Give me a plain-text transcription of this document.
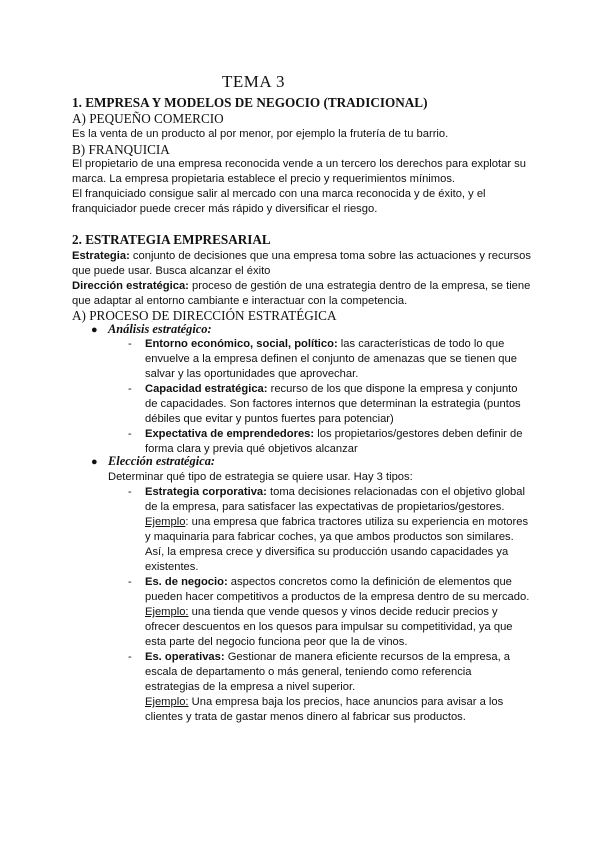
TEMA 3
1. EMPRESA Y MODELOS DE NEGOCIO (TRADICIONAL)
A) PEQUEÑO COMERCIO
Es la venta de un producto al por menor, por ejemplo la frutería de tu barrio.
B) FRANQUICIA
El propietario de una empresa reconocida vende a un tercero los derechos para explotar su
marca. La empresa propietaria establece el precio y requerimientos mínimos.
El franquiciado consigue salir al mercado con una marca reconocida y de éxito, y el
franquiciador puede crecer más rápido y diversificar el riesgo.
2. ESTRATEGIA EMPRESARIAL
Estrategia: conjunto de decisiones que una empresa toma sobre las actuaciones y recursos
que puede usar. Busca alcanzar el éxito
Dirección estratégica: proceso de gestión de una estrategia dentro de la empresa, se tiene
que adaptar al entorno cambiante e interactuar con la competencia.
A) PROCESO DE DIRECCIÓN ESTRATÉGICA
● Análisis estratégico:
- Entorno económico, social, político: las características de todo lo que
envuelve a la empresa definen el conjunto de amenazas que se tienen que
salvar y las oportunidades que aprovechar.
- Capacidad estratégica: recurso de los que dispone la empresa y conjunto
de capacidades. Son factores internos que determinan la estrategia (puntos
débiles que evitar y puntos fuertes para potenciar)
- Expectativa de emprendedores: los propietarios/gestores deben definir de
forma clara y previa qué objetivos alcanzar
● Elección estratégica:
Determinar qué tipo de estrategia se quiere usar. Hay 3 tipos:
- Estrategia corporativa: toma decisiones relacionadas con el objetivo global
de la empresa, para satisfacer las expectativas de propietarios/gestores.
Ejemplo: una empresa que fabrica tractores utiliza su experiencia en motores
y maquinaria para fabricar coches, ya que ambos productos son similares.
Así, la empresa crece y diversifica su producción usando capacidades ya
existentes.
- Es. de negocio: aspectos concretos como la definición de elementos que
pueden hacer competitivos a productos de la empresa dentro de su mercado.
Ejemplo: una tienda que vende quesos y vinos decide reducir precios y
ofrecer descuentos en los quesos para impulsar su competitividad, ya que
esta parte del negocio funciona peor que la de vinos.
- Es. operativas: Gestionar de manera eficiente recursos de la empresa, a
escala de departamento o más general, teniendo como referencia
estrategias de la empresa a nivel superior.
Ejemplo: Una empresa baja los precios, hace anuncios para avisar a los
clientes y trata de gastar menos dinero al fabricar sus productos.
